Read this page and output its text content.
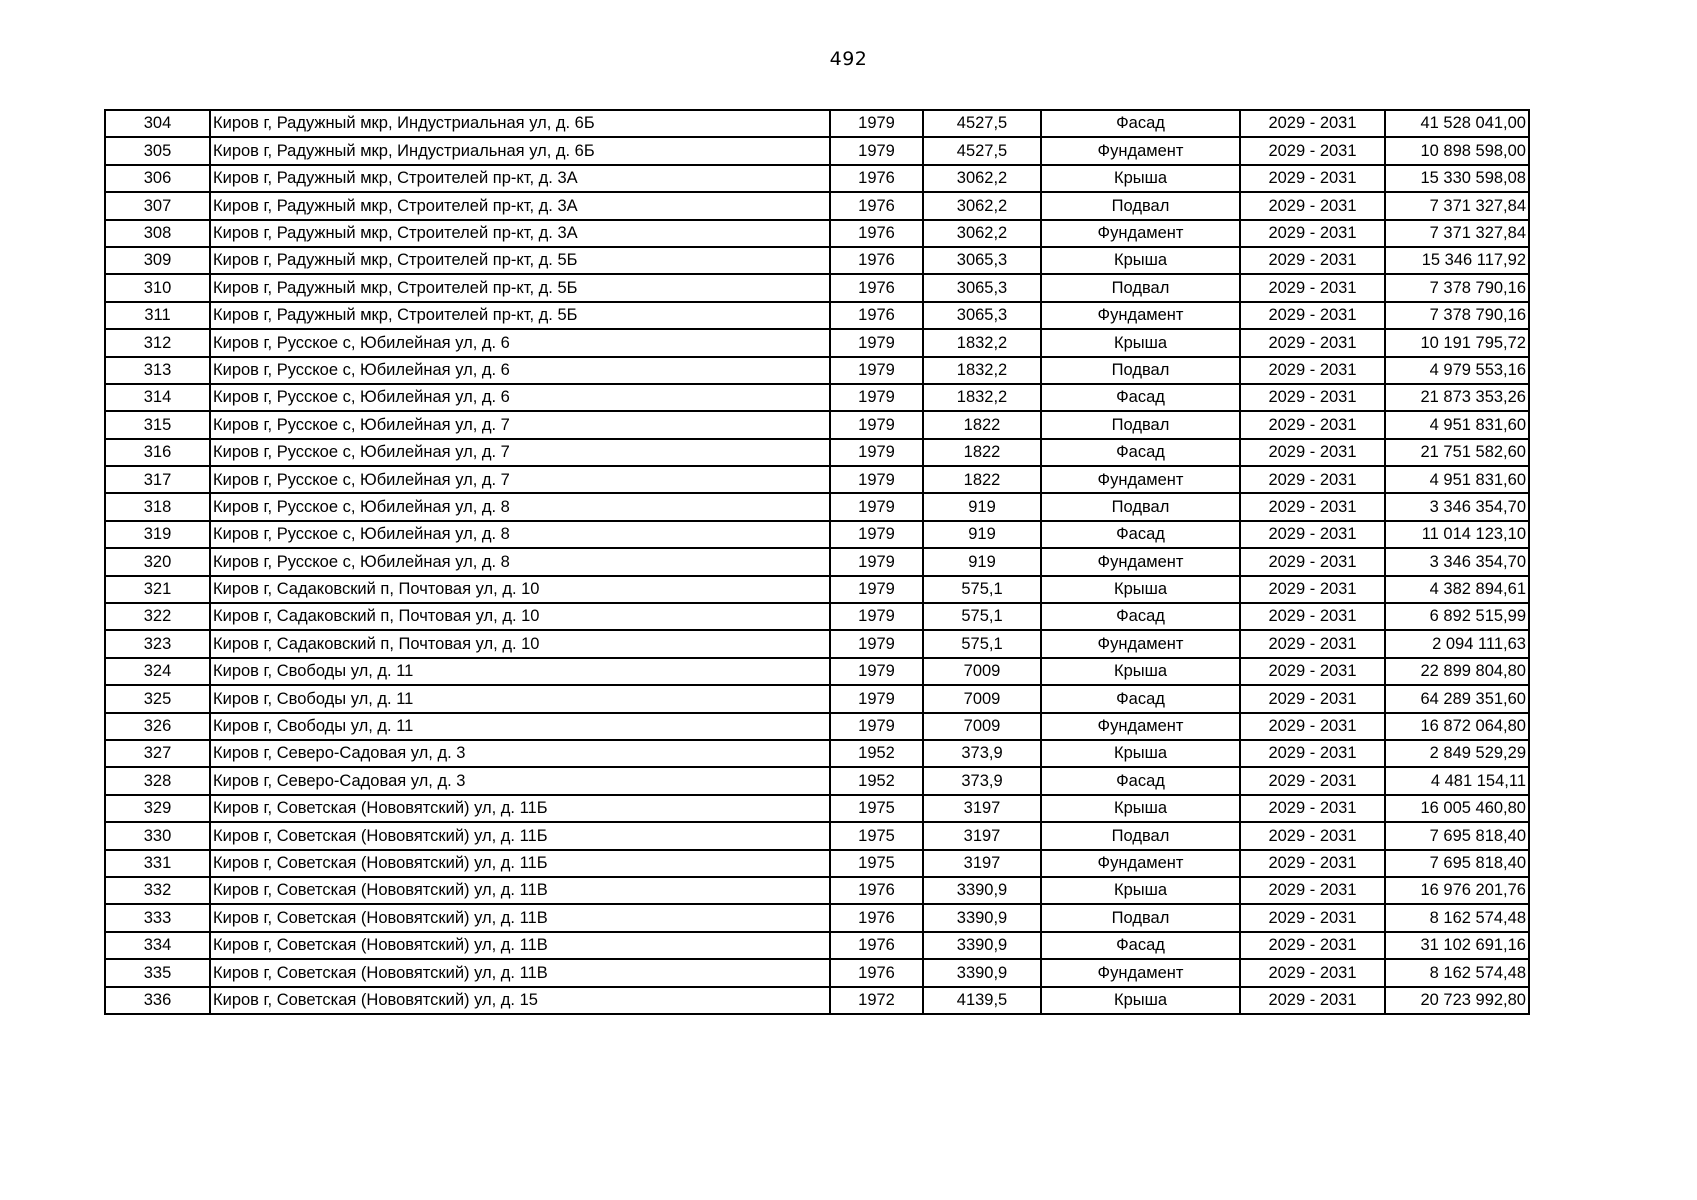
492
304	Киров г, Радужный мкр, Индустриальная ул, д. 6Б	1979	4527,5	Фасад	2029 - 2031	41 528 041,00
305	Киров г, Радужный мкр, Индустриальная ул, д. 6Б	1979	4527,5	Фундамент	2029 - 2031	10 898 598,00
306	Киров г, Радужный мкр, Строителей пр-кт, д. 3А	1976	3062,2	Крыша	2029 - 2031	15 330 598,08
307	Киров г, Радужный мкр, Строителей пр-кт, д. 3А	1976	3062,2	Подвал	2029 - 2031	7 371 327,84
308	Киров г, Радужный мкр, Строителей пр-кт, д. 3А	1976	3062,2	Фундамент	2029 - 2031	7 371 327,84
309	Киров г, Радужный мкр, Строителей пр-кт, д. 5Б	1976	3065,3	Крыша	2029 - 2031	15 346 117,92
310	Киров г, Радужный мкр, Строителей пр-кт, д. 5Б	1976	3065,3	Подвал	2029 - 2031	7 378 790,16
311	Киров г, Радужный мкр, Строителей пр-кт, д. 5Б	1976	3065,3	Фундамент	2029 - 2031	7 378 790,16
312	Киров г, Русское с, Юбилейная ул, д. 6	1979	1832,2	Крыша	2029 - 2031	10 191 795,72
313	Киров г, Русское с, Юбилейная ул, д. 6	1979	1832,2	Подвал	2029 - 2031	4 979 553,16
314	Киров г, Русское с, Юбилейная ул, д. 6	1979	1832,2	Фасад	2029 - 2031	21 873 353,26
315	Киров г, Русское с, Юбилейная ул, д. 7	1979	1822	Подвал	2029 - 2031	4 951 831,60
316	Киров г, Русское с, Юбилейная ул, д. 7	1979	1822	Фасад	2029 - 2031	21 751 582,60
317	Киров г, Русское с, Юбилейная ул, д. 7	1979	1822	Фундамент	2029 - 2031	4 951 831,60
318	Киров г, Русское с, Юбилейная ул, д. 8	1979	919	Подвал	2029 - 2031	3 346 354,70
319	Киров г, Русское с, Юбилейная ул, д. 8	1979	919	Фасад	2029 - 2031	11 014 123,10
320	Киров г, Русское с, Юбилейная ул, д. 8	1979	919	Фундамент	2029 - 2031	3 346 354,70
321	Киров г, Садаковский п, Почтовая ул, д. 10	1979	575,1	Крыша	2029 - 2031	4 382 894,61
322	Киров г, Садаковский п, Почтовая ул, д. 10	1979	575,1	Фасад	2029 - 2031	6 892 515,99
323	Киров г, Садаковский п, Почтовая ул, д. 10	1979	575,1	Фундамент	2029 - 2031	2 094 111,63
324	Киров г, Свободы ул, д. 11	1979	7009	Крыша	2029 - 2031	22 899 804,80
325	Киров г, Свободы ул, д. 11	1979	7009	Фасад	2029 - 2031	64 289 351,60
326	Киров г, Свободы ул, д. 11	1979	7009	Фундамент	2029 - 2031	16 872 064,80
327	Киров г, Северо-Садовая ул, д. 3	1952	373,9	Крыша	2029 - 2031	2 849 529,29
328	Киров г, Северо-Садовая ул, д. 3	1952	373,9	Фасад	2029 - 2031	4 481 154,11
329	Киров г, Советская (Нововятский) ул, д. 11Б	1975	3197	Крыша	2029 - 2031	16 005 460,80
330	Киров г, Советская (Нововятский) ул, д. 11Б	1975	3197	Подвал	2029 - 2031	7 695 818,40
331	Киров г, Советская (Нововятский) ул, д. 11Б	1975	3197	Фундамент	2029 - 2031	7 695 818,40
332	Киров г, Советская (Нововятский) ул, д. 11В	1976	3390,9	Крыша	2029 - 2031	16 976 201,76
333	Киров г, Советская (Нововятский) ул, д. 11В	1976	3390,9	Подвал	2029 - 2031	8 162 574,48
334	Киров г, Советская (Нововятский) ул, д. 11В	1976	3390,9	Фасад	2029 - 2031	31 102 691,16
335	Киров г, Советская (Нововятский) ул, д. 11В	1976	3390,9	Фундамент	2029 - 2031	8 162 574,48
336	Киров г, Советская (Нововятский) ул, д. 15	1972	4139,5	Крыша	2029 - 2031	20 723 992,80
